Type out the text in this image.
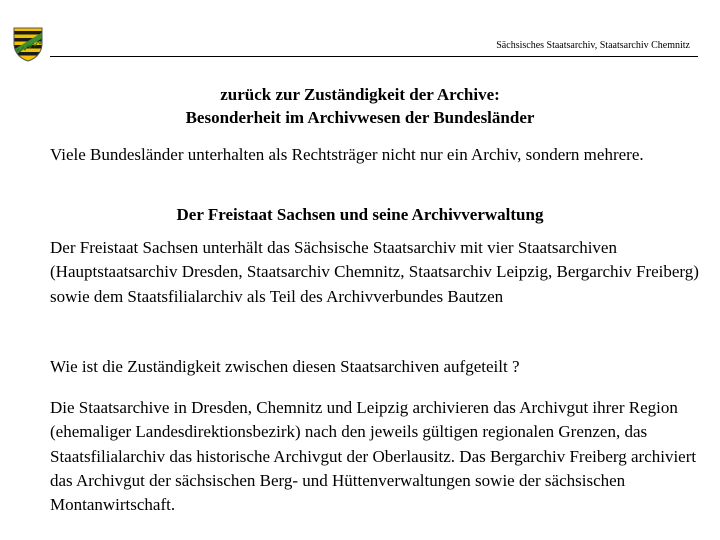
Sächsisches Staatsarchiv, Staatsarchiv Chemnitz
zurück zur Zuständigkeit der Archive:
Besonderheit im Archivwesen der Bundesländer
Viele Bundesländer unterhalten als Rechtsträger nicht nur ein Archiv, sondern mehrere.
Der Freistaat Sachsen und seine Archivverwaltung
Der Freistaat Sachsen unterhält das Sächsische Staatsarchiv mit vier Staatsarchiven (Hauptstaatsarchiv Dresden, Staatsarchiv Chemnitz, Staatsarchiv Leipzig, Bergarchiv Freiberg) sowie dem Staatsfilialarchiv als Teil des Archivverbundes Bautzen
Wie ist die Zuständigkeit zwischen diesen Staatsarchiven aufgeteilt ?
Die Staatsarchive in Dresden, Chemnitz und Leipzig archivieren das Archivgut ihrer Region (ehemaliger Landesdirektionsbezirk) nach den jeweils gültigen regionalen Grenzen, das Staatsfilialarchiv das historische Archivgut der Oberlausitz. Das Bergarchiv Freiberg archiviert das Archivgut der sächsischen Berg- und Hüttenverwaltungen sowie der sächsischen Montanwirtschaft.
